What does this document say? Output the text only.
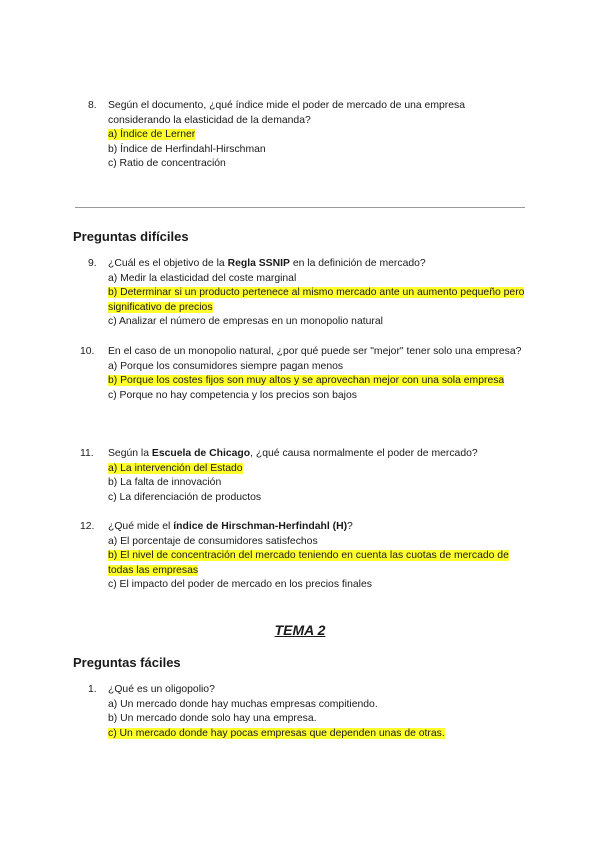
8. Según el documento, ¿qué índice mide el poder de mercado de una empresa considerando la elasticidad de la demanda?
a) Índice de Lerner
b) Índice de Herfindahl-Hirschman
c) Ratio de concentración
Preguntas difíciles
9. ¿Cuál es el objetivo de la Regla SSNIP en la definición de mercado?
a) Medir la elasticidad del coste marginal
b) Determinar si un producto pertenece al mismo mercado ante un aumento pequeño pero significativo de precios
c) Analizar el número de empresas en un monopolio natural
10. En el caso de un monopolio natural, ¿por qué puede ser "mejor" tener solo una empresa?
a) Porque los consumidores siempre pagan menos
b) Porque los costes fijos son muy altos y se aprovechan mejor con una sola empresa
c) Porque no hay competencia y los precios son bajos
11. Según la Escuela de Chicago, ¿qué causa normalmente el poder de mercado?
a) La intervención del Estado
b) La falta de innovación
c) La diferenciación de productos
12. ¿Qué mide el índice de Hirschman-Herfindahl (H)?
a) El porcentaje de consumidores satisfechos
b) El nivel de concentración del mercado teniendo en cuenta las cuotas de mercado de todas las empresas
c) El impacto del poder de mercado en los precios finales
TEMA 2
Preguntas fáciles
1. ¿Qué es un oligopolio?
a) Un mercado donde hay muchas empresas compitiendo.
b) Un mercado donde solo hay una empresa.
c) Un mercado donde hay pocas empresas que dependen unas de otras.
